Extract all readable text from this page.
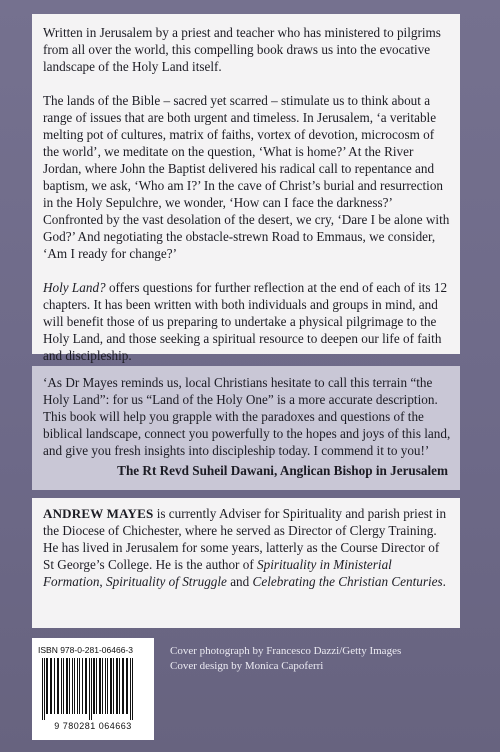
Written in Jerusalem by a priest and teacher who has ministered to pilgrims from all over the world, this compelling book draws us into the evocative landscape of the Holy Land itself.

The lands of the Bible – sacred yet scarred – stimulate us to think about a range of issues that are both urgent and timeless. In Jerusalem, ‘a veritable melting pot of cultures, matrix of faiths, vortex of devotion, microcosm of the world’, we meditate on the question, ‘What is home?’ At the River Jordan, where John the Baptist delivered his radical call to repentance and baptism, we ask, ‘Who am I?’ In the cave of Christ’s burial and resurrection in the Holy Sepulchre, we wonder, ‘How can I face the darkness?’ Confronted by the vast desolation of the desert, we cry, ‘Dare I be alone with God?’ And negotiating the obstacle-strewn Road to Emmaus, we consider, ‘Am I ready for change?’

Holy Land? offers questions for further reflection at the end of each of its 12 chapters. It has been written with both individuals and groups in mind, and will benefit those of us preparing to undertake a physical pilgrimage to the Holy Land, and those seeking a spiritual resource to deepen our life of faith and discipleship.

‘As Dr Mayes reminds us, local Christians hesitate to call this terrain “the Holy Land”: for us “Land of the Holy One” is a more accurate description. This book will help you grapple with the paradoxes and questions of the biblical landscape, connect you powerfully to the hopes and joys of this land, and give you fresh insights into discipleship today. I commend it to you!’

The Rt Revd Suheil Dawani, Anglican Bishop in Jerusalem

ANDREW MAYES is currently Adviser for Spirituality and parish priest in the Diocese of Chichester, where he served as Director of Clergy Training. He has lived in Jerusalem for some years, latterly as the Course Director of St George’s College. He is the author of Spirituality in Ministerial Formation, Spirituality of Struggle and Celebrating the Christian Centuries.

ISBN 978-0-281-06466-3
9 780281 064663
Cover photograph by Francesco Dazzi/Getty Images
Cover design by Monica Capoferri
